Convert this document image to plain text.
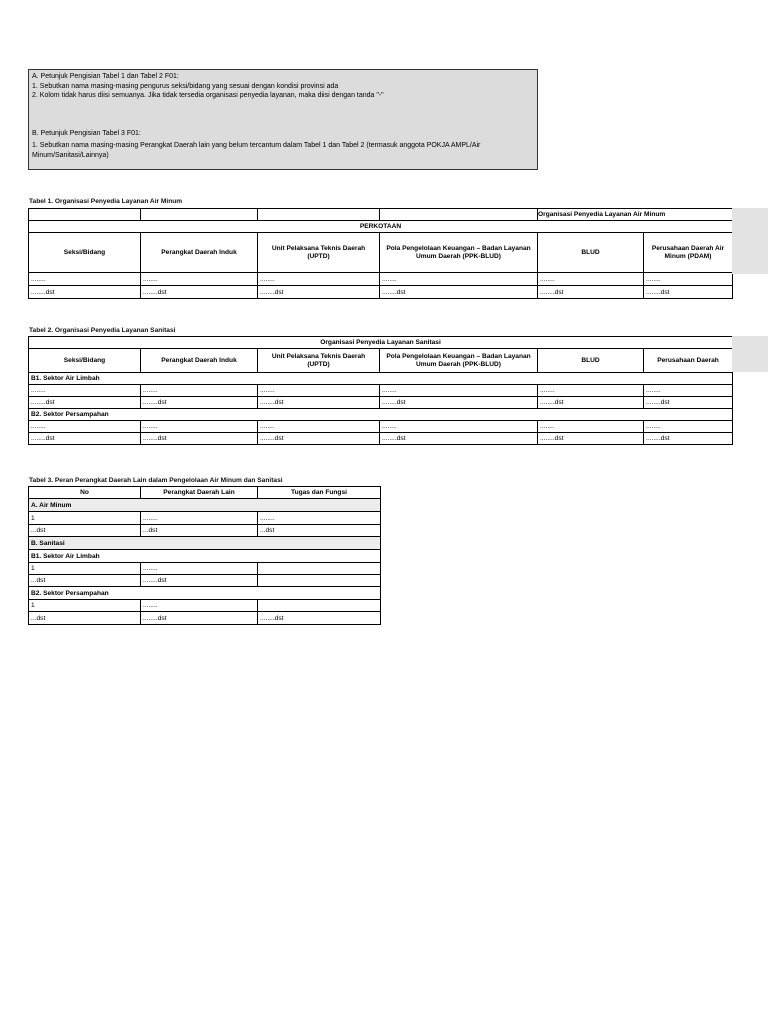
A. Petunjuk Pengisian Tabel 1 dan Tabel 2 F01:
1. Sebutkan nama masing-masing pengurus seksi/bidang yang sesuai dengan kondisi provinsi ada
2. Kolom tidak harus diisi semuanya. Jika tidak tersedia organisasi penyedia layanan, maka diisi dengan tanda "-"
B. Petunjuk Pengisian Tabel 3 F01:
1. Sebutkan nama masing-masing Perangkat Daerah lain yang belum tercantum dalam Tabel 1 dan Tabel 2 (termasuk anggota POKJA AMPL/Air Minum/Sanitasi/Lainnya)
Tabel 1. Organisasi Penyedia Layanan Air Minum
				Organisasi Penyedia Layanan Air Minum	
PERKOTAAN					
Seksi/Bidang	Perangkat Daerah Induk	Unit Pelaksana Teknis Daerah (UPTD)	Pola Pengelolaan Keuangan – Badan Layanan Umum Daerah (PPK-BLUD)	BLUD	Perusahaan Daerah Air Minum (PDAM)
........	........	........	........	........	........
........dst	........dst	........dst	........dst	........dst	........dst
Tabel 2. Organisasi Penyedia Layanan Sanitasi
Organisasi Penyedia Layanan Sanitasi					
Seksi/Bidang	Perangkat Daerah Induk	Unit Pelaksana Teknis Daerah (UPTD)	Pola Pengelolaan Keuangan – Badan Layanan Umum Daerah (PPK-BLUD)	BLUD	Perusahaan Daerah
B1. Sektor Air Limbah					
........	........	........	........	........	........
........dst	........dst	........dst	........dst	........dst	........dst
B2. Sektor Persampahan					
........	........	........	........	........	........
........dst	........dst	........dst	........dst	........dst	........dst
Tabel 3. Peran Perangkat Daerah Lain dalam Pengelolaan Air Minum dan Sanitasi
No	Perangkat Daerah Lain	Tugas dan Fungsi
A. Air Minum		
1	........	........
...dst	...dst	...dst
B. Sanitasi		
B1. Sektor Air Limbah		
1	........	
...dst	........dst	
B2. Sektor Persampahan		
1	........	
...dst	........dst	........dst
